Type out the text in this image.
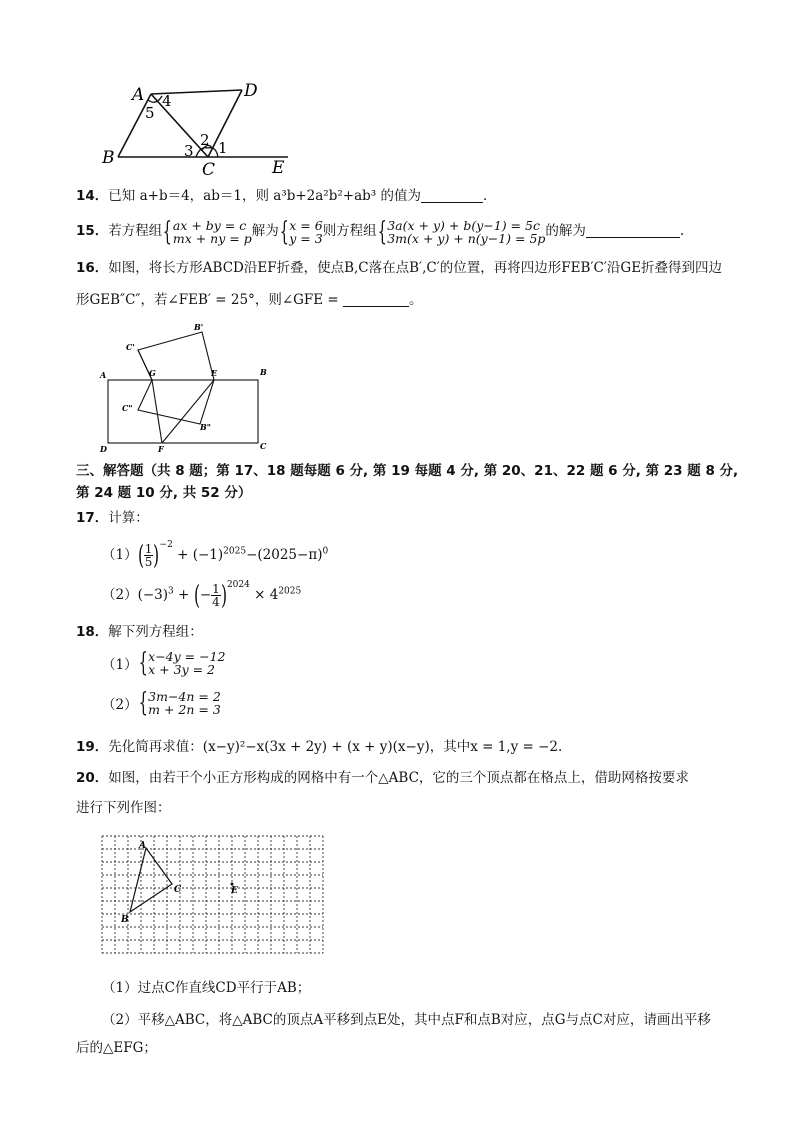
A	D
B
C	E
4
5
2
3 1
14．已知 a+b＝4，ab＝1，则 a³b+2a²b²+ab³ 的值为	．
15．若方程组{ax + by = c
mx + ny = p解为{x = 6
y = 3则方程组{3a(x + y) + b(y−1) = 5c
3m(x + y) + n(y−1) = 5p的解为	.
16．如图，将长方形ABCD沿EF折叠，使点B,C落在点B′,C′的位置，再将四边形FEB′C′沿GE折叠得到四边
形GEB″C″，若∠FEB′ = 25°，则∠GFE =	。
A	G	E	B
C'
B'
C"
B"
D	F	C
三、解答题（共 8 题；第 17、18 题每题 6 分, 第 19 每题 4 分, 第 20、21、22 题 6 分, 第 23 题 8 分, 第 24 题 10 分, 共 52 分）
17．计算：
$(1)( \frac{1}{5} )^{-2} + (-1)^{2025}-(2025-\pi)^0$
$(2)(-3)^3$ + (− $\frac{1}{4} )^{2024} \times 4^{2025}$
18．解下列方程组：
（1）{x−4y = −12
x + 3y = 2
（2）{3m−4n = 2
m + 2n = 3
19．先化简再求值：(x−y)²−x(3x + 2y) + (x + y)(x−y)，其中x = 1,y = −2.
20．如图，由若干个小正方形构成的网格中有一个△ABC，它的三个顶点都在格点上，借助网格按要求
进行下列作图：
A
C
B
E
（1）过点C作直线CD平行于AB；
（2）平移△ABC，将△ABC的顶点A平移到点E处，其中点F和点B对应，点G与点C对应，请画出平移
后的△EFG；
